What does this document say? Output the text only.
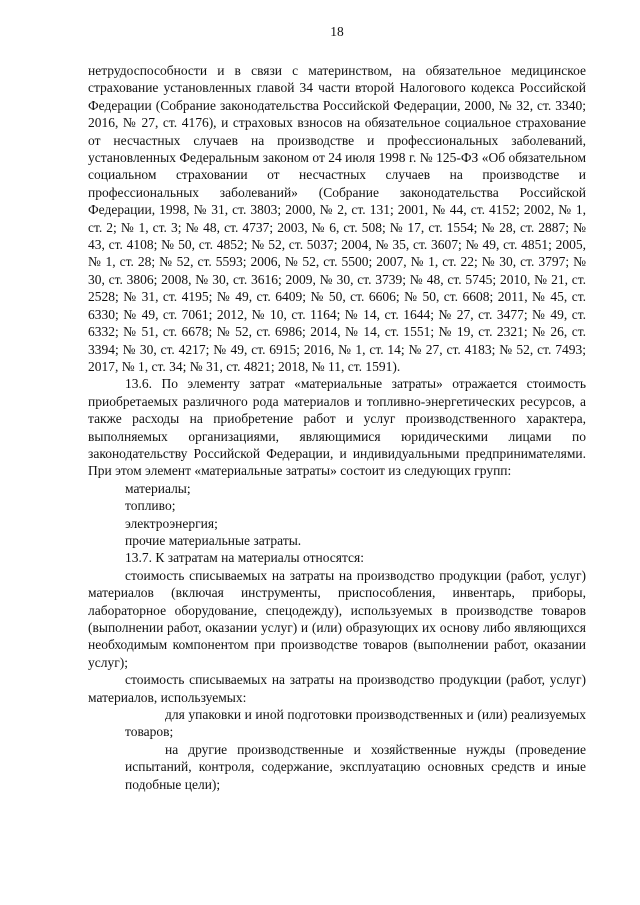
18

нетрудоспособности и в связи с материнством, на обязательное медицинское страхование установленных главой 34 части второй Налогового кодекса Российской Федерации (Собрание законодательства Российской Федерации, 2000, № 32, ст. 3340; 2016, № 27, ст. 4176), и страховых взносов на обязательное социальное страхование от несчастных случаев на производстве и профессиональных заболеваний, установленных Федеральным законом от 24 июля 1998 г. № 125-ФЗ «Об обязательном социальном страховании от несчастных случаев на производстве и профессиональных заболеваний» (Собрание законодательства Российской Федерации, 1998, № 31, ст. 3803; 2000, № 2, ст. 131; 2001, № 44, ст. 4152; 2002, № 1, ст. 2; № 1, ст. 3; № 48, ст. 4737; 2003, № 6, ст. 508; № 17, ст. 1554; № 28, ст. 2887; № 43, ст. 4108; № 50, ст. 4852; № 52, ст. 5037; 2004, № 35, ст. 3607; № 49, ст. 4851; 2005, № 1, ст. 28; № 52, ст. 5593; 2006, № 52, ст. 5500; 2007, № 1, ст. 22; № 30, ст. 3797; № 30, ст. 3806; 2008, № 30, ст. 3616; 2009, № 30, ст. 3739; № 48, ст. 5745; 2010, № 21, ст. 2528; № 31, ст. 4195; № 49, ст. 6409; № 50, ст. 6606; № 50, ст. 6608; 2011, № 45, ст. 6330; № 49, ст. 7061; 2012, № 10, ст. 1164; № 14, ст. 1644; № 27, ст. 3477; № 49, ст. 6332; № 51, ст. 6678; № 52, ст. 6986; 2014, № 14, ст. 1551; № 19, ст. 2321; № 26, ст. 3394; № 30, ст. 4217; № 49, ст. 6915; 2016, № 1, ст. 14; № 27, ст. 4183; № 52, ст. 7493; 2017, № 1, ст. 34; № 31, ст. 4821; 2018, № 11, ст. 1591).

13.6. По элементу затрат «материальные затраты» отражается стоимость приобретаемых различного рода материалов и топливно-энергетических ресурсов, а также расходы на приобретение работ и услуг производственного характера, выполняемых организациями, являющимися юридическими лицами по законодательству Российской Федерации, и индивидуальными предпринимателями. При этом элемент «материальные затраты» состоит из следующих групп:

материалы;

топливо;

электроэнергия;

прочие материальные затраты.

13.7. К затратам на материалы относятся:

стоимость списываемых на затраты на производство продукции (работ, услуг) материалов (включая инструменты, приспособления, инвентарь, приборы, лабораторное оборудование, спецодежду), используемых в производстве товаров (выполнении работ, оказании услуг) и (или) образующих их основу либо являющихся необходимым компонентом при производстве товаров (выполнении работ, оказании услуг);

стоимость списываемых на затраты на производство продукции (работ, услуг) материалов, используемых:

для упаковки и иной подготовки производственных и (или) реализуемых товаров;

на другие производственные и хозяйственные нужды (проведение испытаний, контроля, содержание, эксплуатацию основных средств и иные подобные цели);
